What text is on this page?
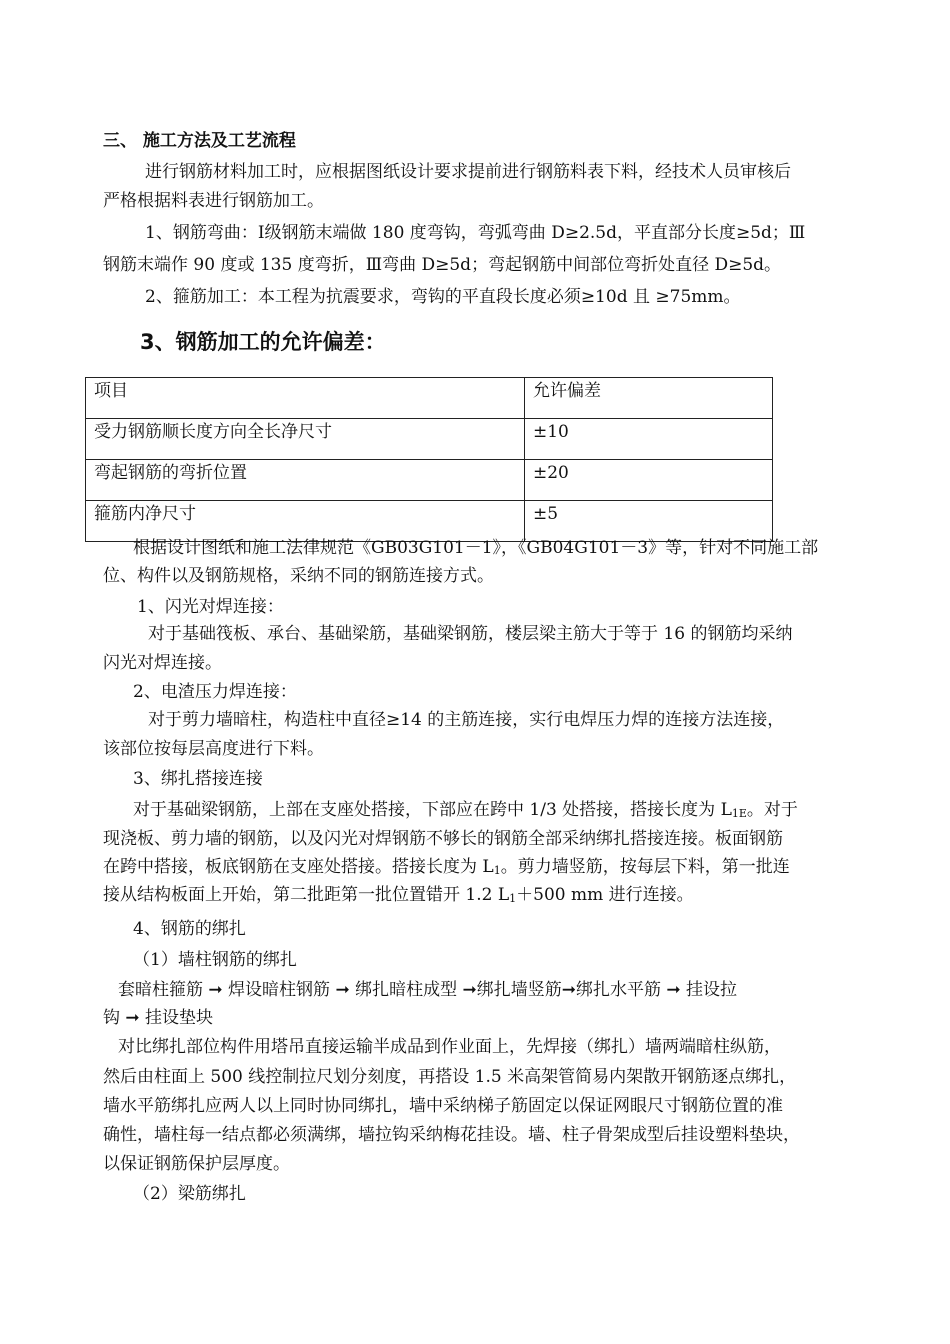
三、 施工方法及工艺流程
进行钢筋材料加工时，应根据图纸设计要求提前进行钢筋料表下料，经技术人员审核后
严格根据料表进行钢筋加工。
1、钢筋弯曲：Ⅰ级钢筋末端做 180 度弯钩，弯弧弯曲 D≥2.5d，平直部分长度≥5d；Ⅲ
钢筋末端作 90 度或 135 度弯折，Ⅲ弯曲 D≥5d；弯起钢筋中间部位弯折处直径 D≥5d。
2、箍筋加工：本工程为抗震要求，弯钩的平直段长度必须≥10d 且 ≥75mm。
3、钢筋加工的允许偏差：
项目	允许偏差
受力钢筋顺长度方向全长净尺寸	±10
弯起钢筋的弯折位置	±20
箍筋内净尺寸	±5
根据设计图纸和施工法律规范《GB03G101－1》，《GB04G101－3》等，针对不同施工部
位、构件以及钢筋规格，采纳不同的钢筋连接方式。
1、闪光对焊连接：
对于基础筏板、承台、基础梁筋，基础梁钢筋，楼层梁主筋大于等于 16 的钢筋均采纳
闪光对焊连接。
2、电渣压力焊连接：
对于剪力墙暗柱，构造柱中直径≥14 的主筋连接，实行电焊压力焊的连接方法连接，
该部位按每层高度进行下料。
3、绑扎搭接连接
对于基础梁钢筋，上部在支座处搭接，下部应在跨中 1/3 处搭接，搭接长度为 $L_{1E}$。对于
现浇板、剪力墙的钢筋，以及闪光对焊钢筋不够长的钢筋全部采纳绑扎搭接连接。板面钢筋
在跨中搭接，板底钢筋在支座处搭接。搭接长度为 $L_1$。剪力墙竖筋，按每层下料，第一批连
接从结构板面上开始，第二批距第一批位置错开 1.2 $L_1+500$ mm 进行连接。
4、钢筋的绑扎
（1）墙柱钢筋的绑扎
套暗柱箍筋 ➞ 焊设暗柱钢筋 ➞ 绑扎暗柱成型 ➞绑扎墙竖筋➞绑扎水平筋 ➞ 挂设拉
钩 ➞ 挂设垫块
对比绑扎部位构件用塔吊直接运输半成品到作业面上，先焊接（绑扎）墙两端暗柱纵筋，
然后由柱面上 500 线控制拉尺划分刻度，再搭设 1.5 米高架管简易内架散开钢筋逐点绑扎，
墙水平筋绑扎应两人以上同时协同绑扎，墙中采纳梯子筋固定以保证网眼尺寸钢筋位置的准
确性，墙柱每一结点都必须满绑，墙拉钩采纳梅花挂设。墙、柱子骨架成型后挂设塑料垫块，
以保证钢筋保护层厚度。
（2）梁筋绑扎
